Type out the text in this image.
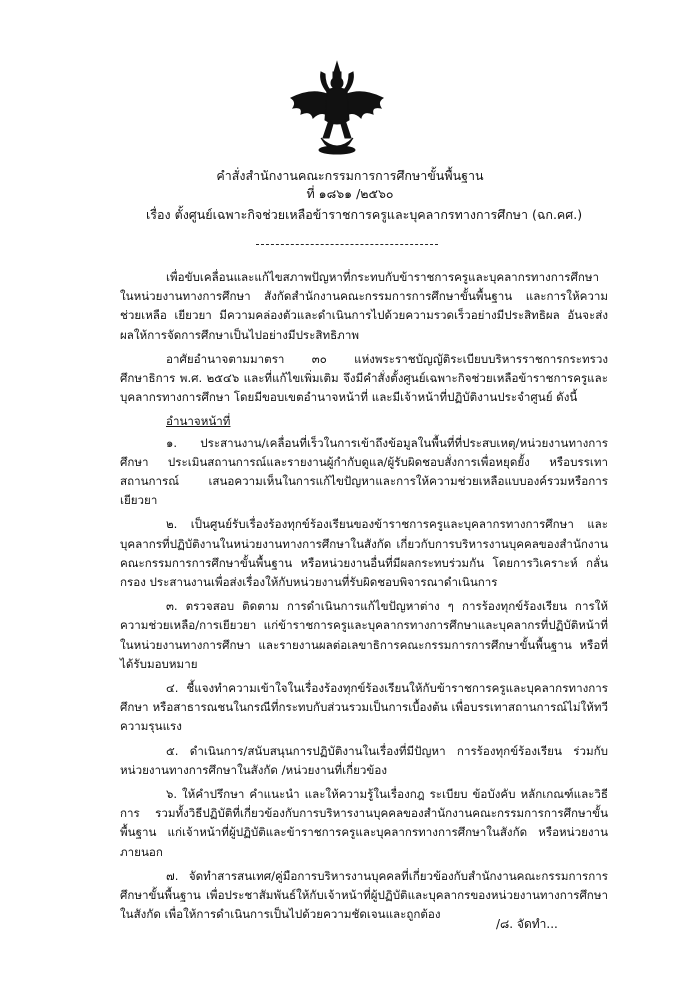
คำสั่งสำนักงานคณะกรรมการการศึกษาขั้นพื้นฐาน
ที่ ๑๘๖๑ /๒๕๖๐
เรื่อง ตั้งศูนย์เฉพาะกิจช่วยเหลือข้าราชการครูและบุคลากรทางการศึกษา (ฉก.คศ.)

เพื่อขับเคลื่อนและแก้ไขสภาพปัญหาที่กระทบกับข้าราชการครูและบุคลากรทางการศึกษา ในหน่วยงานทางการศึกษา สังกัดสำนักงานคณะกรรมการการศึกษาขั้นพื้นฐาน และการให้ความช่วยเหลือ เยียวยา มีความคล่องตัวและดำเนินการไปด้วยความรวดเร็วอย่างมีประสิทธิผล อันจะส่งผลให้การจัดการศึกษาเป็นไปอย่างมีประสิทธิภาพ

อาศัยอำนาจตามมาตรา ๓๐ แห่งพระราชบัญญัติระเบียบบริหารราชการกระทรวงศึกษาธิการ พ.ศ. ๒๕๔๖ และที่แก้ไขเพิ่มเติม จึงมีคำสั่งตั้งศูนย์เฉพาะกิจช่วยเหลือข้าราชการครูและบุคลากรทางการศึกษา โดยมีขอบเขตอำนาจหน้าที่ และมีเจ้าหน้าที่ปฏิบัติงานประจำศูนย์ ดังนี้

อำนาจหน้าที่

๑. ประสานงาน/เคลื่อนที่เร็วในการเข้าถึงข้อมูลในพื้นที่ที่ประสบเหตุ/หน่วยงานทางการศึกษา ประเมินสถานการณ์และรายงานผู้กำกับดูแล/ผู้รับผิดชอบสั่งการเพื่อหยุดยั้ง หรือบรรเทาสถานการณ์ เสนอความเห็นในการแก้ไขปัญหาและการให้ความช่วยเหลือแบบองค์รวมหรือการเยียวยา

๒. เป็นศูนย์รับเรื่องร้องทุกข์ร้องเรียนของข้าราชการครูและบุคลากรทางการศึกษา และบุคลากรที่ปฏิบัติงานในหน่วยงานทางการศึกษาในสังกัด เกี่ยวกับการบริหารงานบุคคลของสำนักงานคณะกรรมการการศึกษาขั้นพื้นฐาน หรือหน่วยงานอื่นที่มีผลกระทบร่วมกัน โดยการวิเคราะห์ กลั่นกรอง ประสานงานเพื่อส่งเรื่องให้กับหน่วยงานที่รับผิดชอบพิจารณาดำเนินการ

๓. ตรวจสอบ ติดตาม การดำเนินการแก้ไขปัญหาต่าง ๆ การร้องทุกข์ร้องเรียน การให้ความช่วยเหลือ/การเยียวยา แก่ข้าราชการครูและบุคลากรทางการศึกษาและบุคลากรที่ปฏิบัติหน้าที่ในหน่วยงานทางการศึกษา และรายงานผลต่อเลขาธิการคณะกรรมการการศึกษาขั้นพื้นฐาน หรือที่ได้รับมอบหมาย

๔. ชี้แจงทำความเข้าใจในเรื่องร้องทุกข์ร้องเรียนให้กับข้าราชการครูและบุคลากรทางการศึกษา หรือสาธารณชนในกรณีที่กระทบกับส่วนรวมเป็นการเบื้องต้น เพื่อบรรเทาสถานการณ์ไม่ให้ทวีความรุนแรง

๕. ดำเนินการ/สนับสนุนการปฏิบัติงานในเรื่องที่มีปัญหา การร้องทุกข์ร้องเรียน ร่วมกับหน่วยงานทางการศึกษาในสังกัด /หน่วยงานที่เกี่ยวข้อง

๖. ให้คำปรึกษา คำแนะนำ และให้ความรู้ในเรื่องกฎ ระเบียบ ข้อบังคับ หลักเกณฑ์และวิธีการ รวมทั้งวิธีปฏิบัติที่เกี่ยวข้องกับการบริหารงานบุคคลของสำนักงานคณะกรรมการการศึกษาขั้นพื้นฐาน แก่เจ้าหน้าที่ผู้ปฏิบัติและข้าราชการครูและบุคลากรทางการศึกษาในสังกัด หรือหน่วยงานภายนอก

๗. จัดทำสารสนเทศ/คู่มือการบริหารงานบุคคลที่เกี่ยวข้องกับสำนักงานคณะกรรมการการศึกษาขั้นพื้นฐาน เพื่อประชาสัมพันธ์ให้กับเจ้าหน้าที่ผู้ปฏิบัติและบุคลากรของหน่วยงานทางการศึกษาในสังกัด เพื่อให้การดำเนินการเป็นไปด้วยความชัดเจนและถูกต้อง

/๘. จัดทำ...
